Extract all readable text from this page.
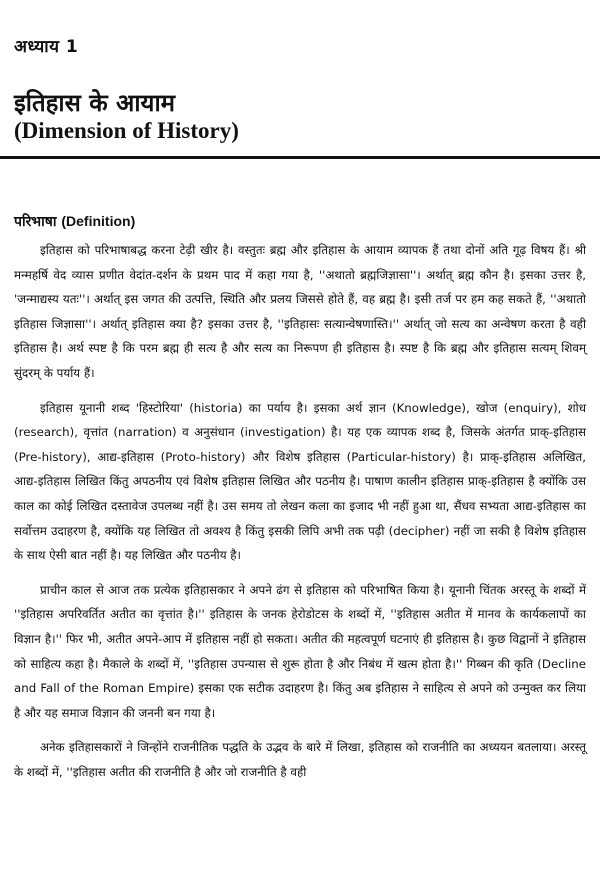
अध्याय 1
इतिहास के आयाम
(Dimension of History)
परिभाषा (Definition)

इतिहास को परिभाषाबद्ध करना टेढ़ी खीर है। वस्तुतः ब्रह्म और इतिहास के आयाम व्यापक हैं तथा दोनों अति गूढ़ विषय हैं। श्री मन्महर्षि वेद व्यास प्रणीत वेदांत-दर्शन के प्रथम पाद में कहा गया है, ''अथातो ब्रह्मजिज्ञासा''। अर्थात् ब्रह्म कौन है। इसका उत्तर है, 'जन्माद्यस्य यतः''। अर्थात् इस जगत की उत्पत्ति, स्थिति और प्रलय जिससे होते हैं, वह ब्रह्म है। इसी तर्ज पर हम कह सकते हैं, ''अथातो इतिहास जिज्ञासा''। अर्थात् इतिहास क्या है? इसका उत्तर है, ''इतिहासः सत्यान्वेषणास्ति।'' अर्थात् जो सत्य का अन्वेषण करता है वही इतिहास है। अर्थ स्पष्ट है कि परम ब्रह्म ही सत्य है और सत्य का निरूपण ही इतिहास है। स्पष्ट है कि ब्रह्म और इतिहास सत्यम् शिवम् सुंदरम् के पर्याय हैं।

इतिहास यूनानी शब्द 'हिस्टोरिया' (historia) का पर्याय है। इसका अर्थ ज्ञान (Knowledge), खोज (enquiry), शोध (research), वृत्तांत (narration) व अनुसंधान (investigation) है। यह एक व्यापक शब्द है, जिसके अंतर्गत प्राक्-इतिहास (Pre-history), आद्य-इतिहास (Proto-history) और विशेष इतिहास (Particular-history) है। प्राक्-इतिहास अलिखित, आद्य-इतिहास लिखित किंतु अपठनीय एवं विशेष इतिहास लिखित और पठनीय है। पाषाण कालीन इतिहास प्राक्-इतिहास है क्योंकि उस काल का कोई लिखित दस्तावेज उपलब्ध नहीं है। उस समय तो लेखन कला का इजाद भी नहीं हुआ था, सैंधव सभ्यता आद्य-इतिहास का सर्वोत्तम उदाहरण है, क्योंकि यह लिखित तो अवश्य है किंतु इसकी लिपि अभी तक पढ़ी (decipher) नहीं जा सकी है विशेष इतिहास के साथ ऐसी बात नहीं है। यह लिखित और पठनीय है।

प्राचीन काल से आज तक प्रत्येक इतिहासकार ने अपने ढंग से इतिहास को परिभाषित किया है। यूनानी चिंतक अरस्तू के शब्दों में ''इतिहास अपरिवर्तित अतीत का वृत्तांत है।'' इतिहास के जनक हेरोडोटस के शब्दों में, ''इतिहास अतीत में मानव के कार्यकलापों का विज्ञान है।'' फिर भी, अतीत अपने-आप में इतिहास नहीं हो सकता। अतीत की महत्वपूर्ण घटनाएं ही इतिहास है। कुछ विद्वानों ने इतिहास को साहित्य कहा है। मैकाले के शब्दों में, ''इतिहास उपन्यास से शुरू होता है और निबंध में खत्म होता है।'' गिब्बन की कृति (Decline and Fall of the Roman Empire) इसका एक सटीक उदाहरण है। किंतु अब इतिहास ने साहित्य से अपने को उन्मुक्त कर लिया है और यह समाज विज्ञान की जननी बन गया है।

अनेक इतिहासकारों ने जिन्होंने राजनीतिक पद्धति के उद्भव के बारे में लिखा, इतिहास को राजनीति का अध्ययन बतलाया। अरस्तू के शब्दों में, ''इतिहास अतीत की राजनीति है और जो राजनीति है वही
